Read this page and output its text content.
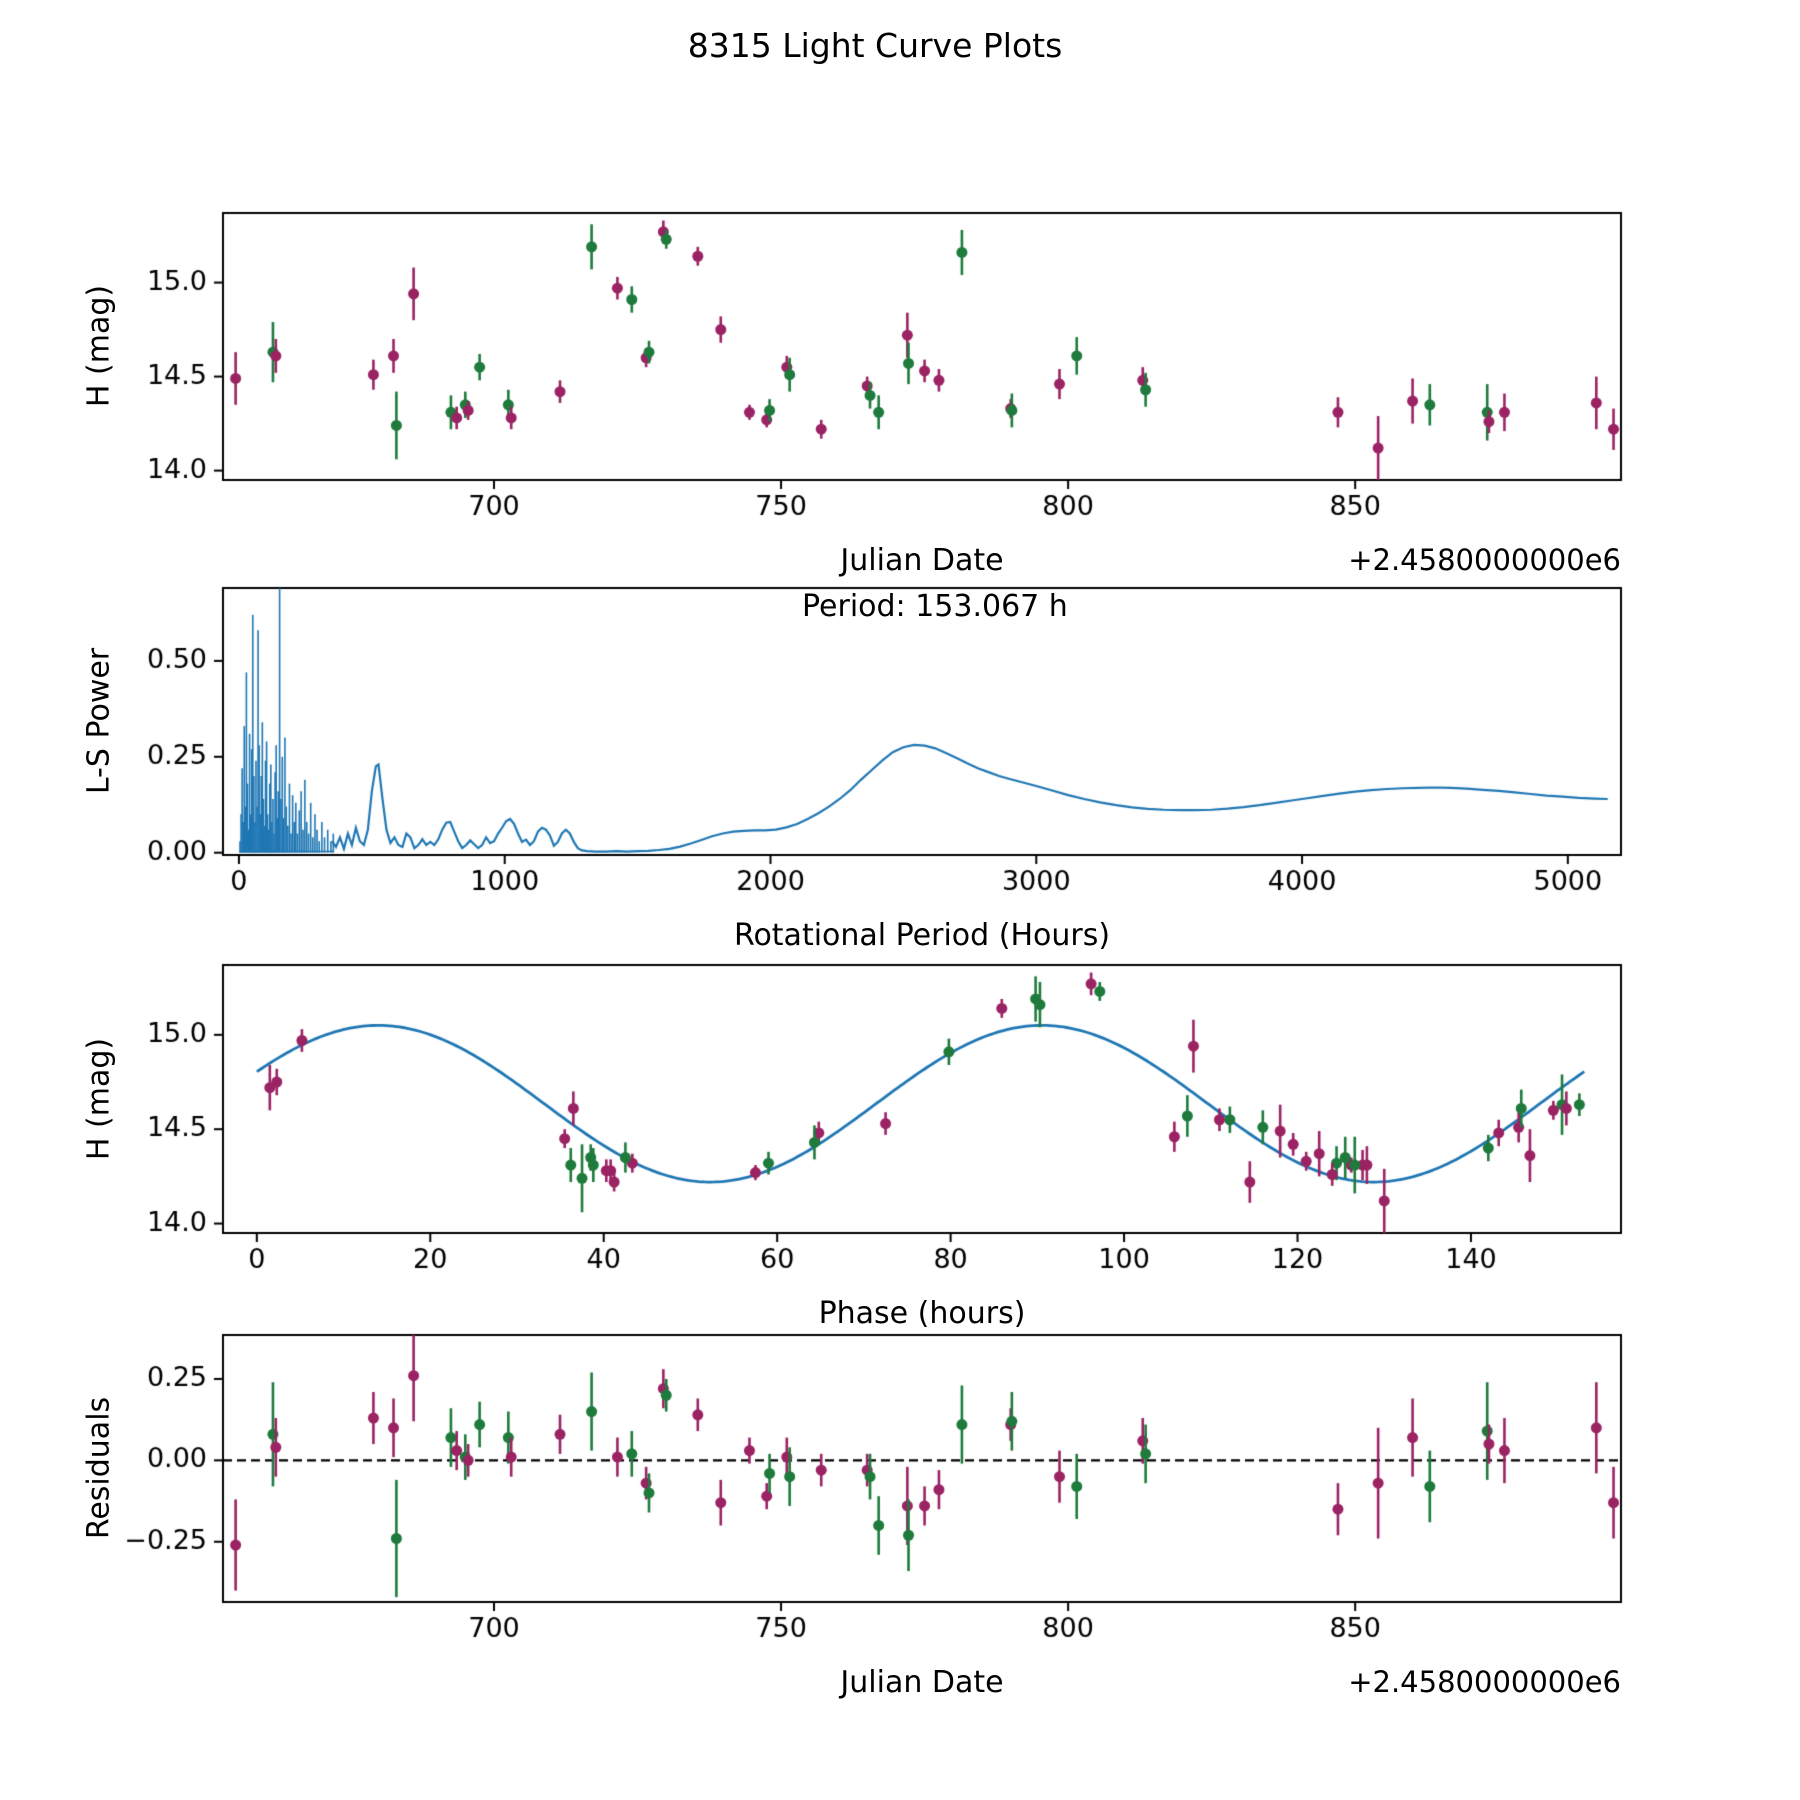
8315 Light Curve Plots
H (mag)
Julian Date	+2.4580000000e6
L-S Power
Rotational Period (Hours)
Period: 153.067 h
H (mag)
Phase (hours)
Residuals
Julian Date	+2.4580000000e6
